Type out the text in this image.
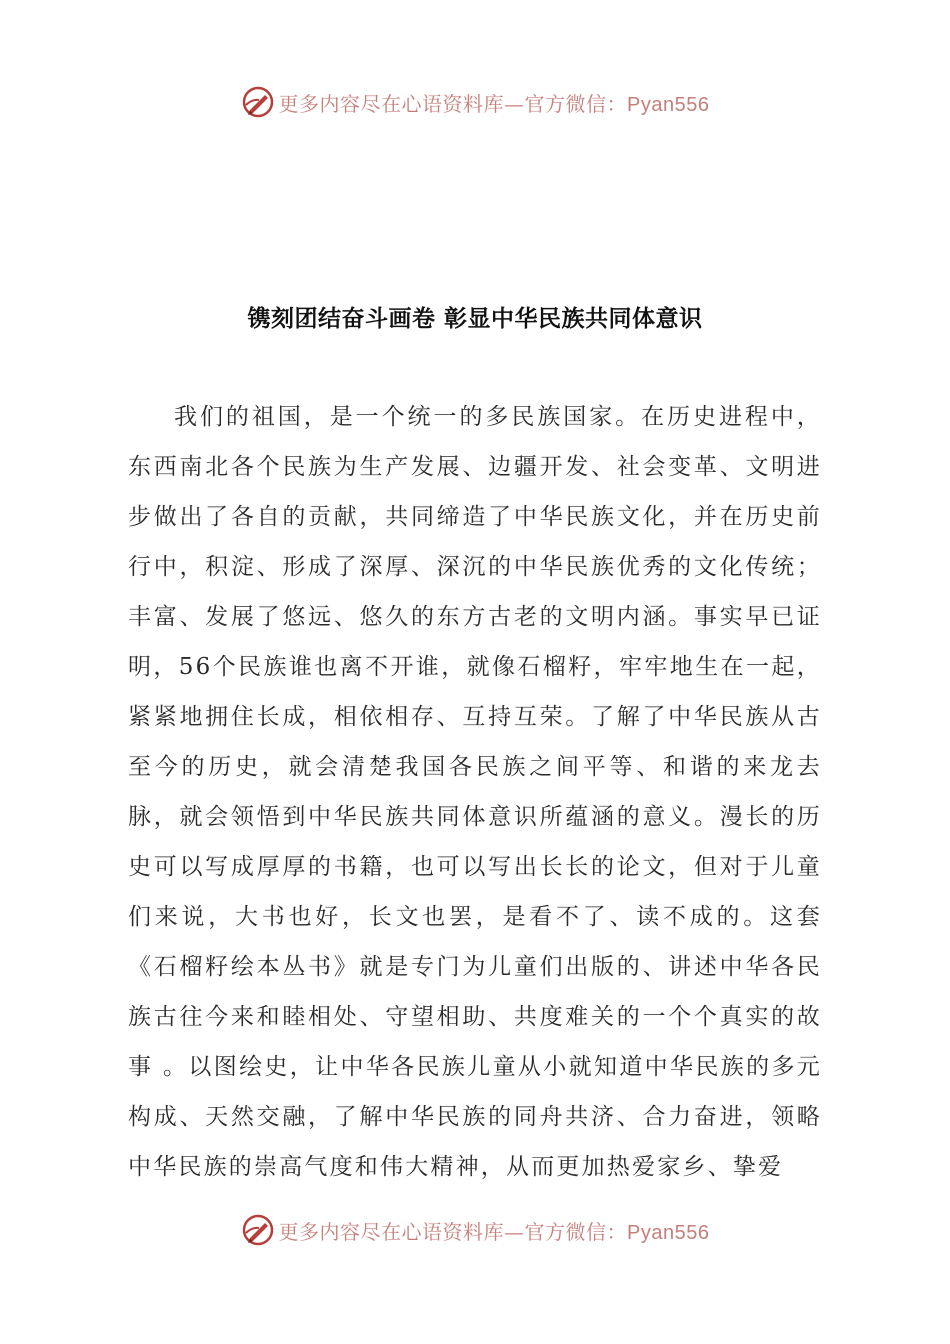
更多内容尽在心语资料库—官方微信：Pyan556
镌刻团结奋斗画卷 彰显中华民族共同体意识

我们的祖国，是一个统一的多民族国家。在历史进程中，东西南北各个民族为生产发展、边疆开发、社会变革、文明进步做出了各自的贡献，共同缔造了中华民族文化，并在历史前行中，积淀、形成了深厚、深沉的中华民族优秀的文化传统；丰富、发展了悠远、悠久的东方古老的文明内涵。事实早已证明，56个民族谁也离不开谁，就像石榴籽，牢牢地生在一起，紧紧地拥住长成，相依相存、互持互荣。了解了中华民族从古至今的历史，就会清楚我国各民族之间平等、和谐的来龙去脉，就会领悟到中华民族共同体意识所蕴涵的意义。漫长的历史可以写成厚厚的书籍，也可以写出长长的论文，但对于儿童们来说，大书也好，长文也罢，是看不了、读不成的。这套《石榴籽绘本丛书》就是专门为儿童们出版的、讲述中华各民族古往今来和睦相处、守望相助、共度难关的一个个真实的故事 。以图绘史，让中华各民族儿童从小就知道中华民族的多元构成、天然交融，了解中华民族的同舟共济、合力奋进，领略中华民族的崇高气度和伟大精神，从而更加热爱家乡、挚爱

更多内容尽在心语资料库—官方微信：Pyan556
